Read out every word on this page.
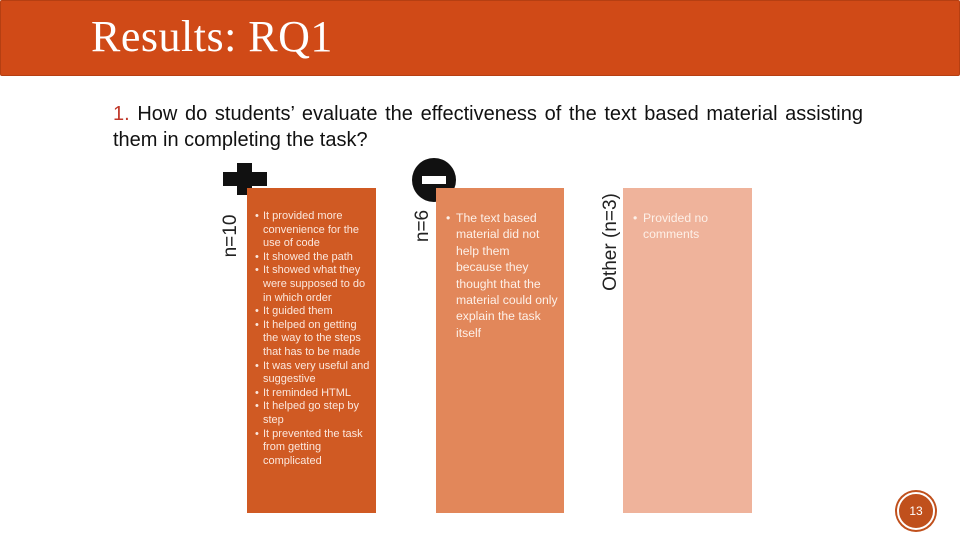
Results: RQ1
1. How do students’ evaluate the effectiveness of the text based material assisting them in completing the task?
n=10	n=6	Other (n=3)
• It provided more convenience for the use of code
• It showed the path
• It showed what they were supposed to do in which order
• It guided them
• It helped on getting the way to the steps that has to be made
• It was very useful and suggestive
• It reminded HTML
• It helped go step by step
• It prevented the task from getting complicated
• The text based material did not help them because they thought that the material could only explain the task itself
• Provided no comments
13
